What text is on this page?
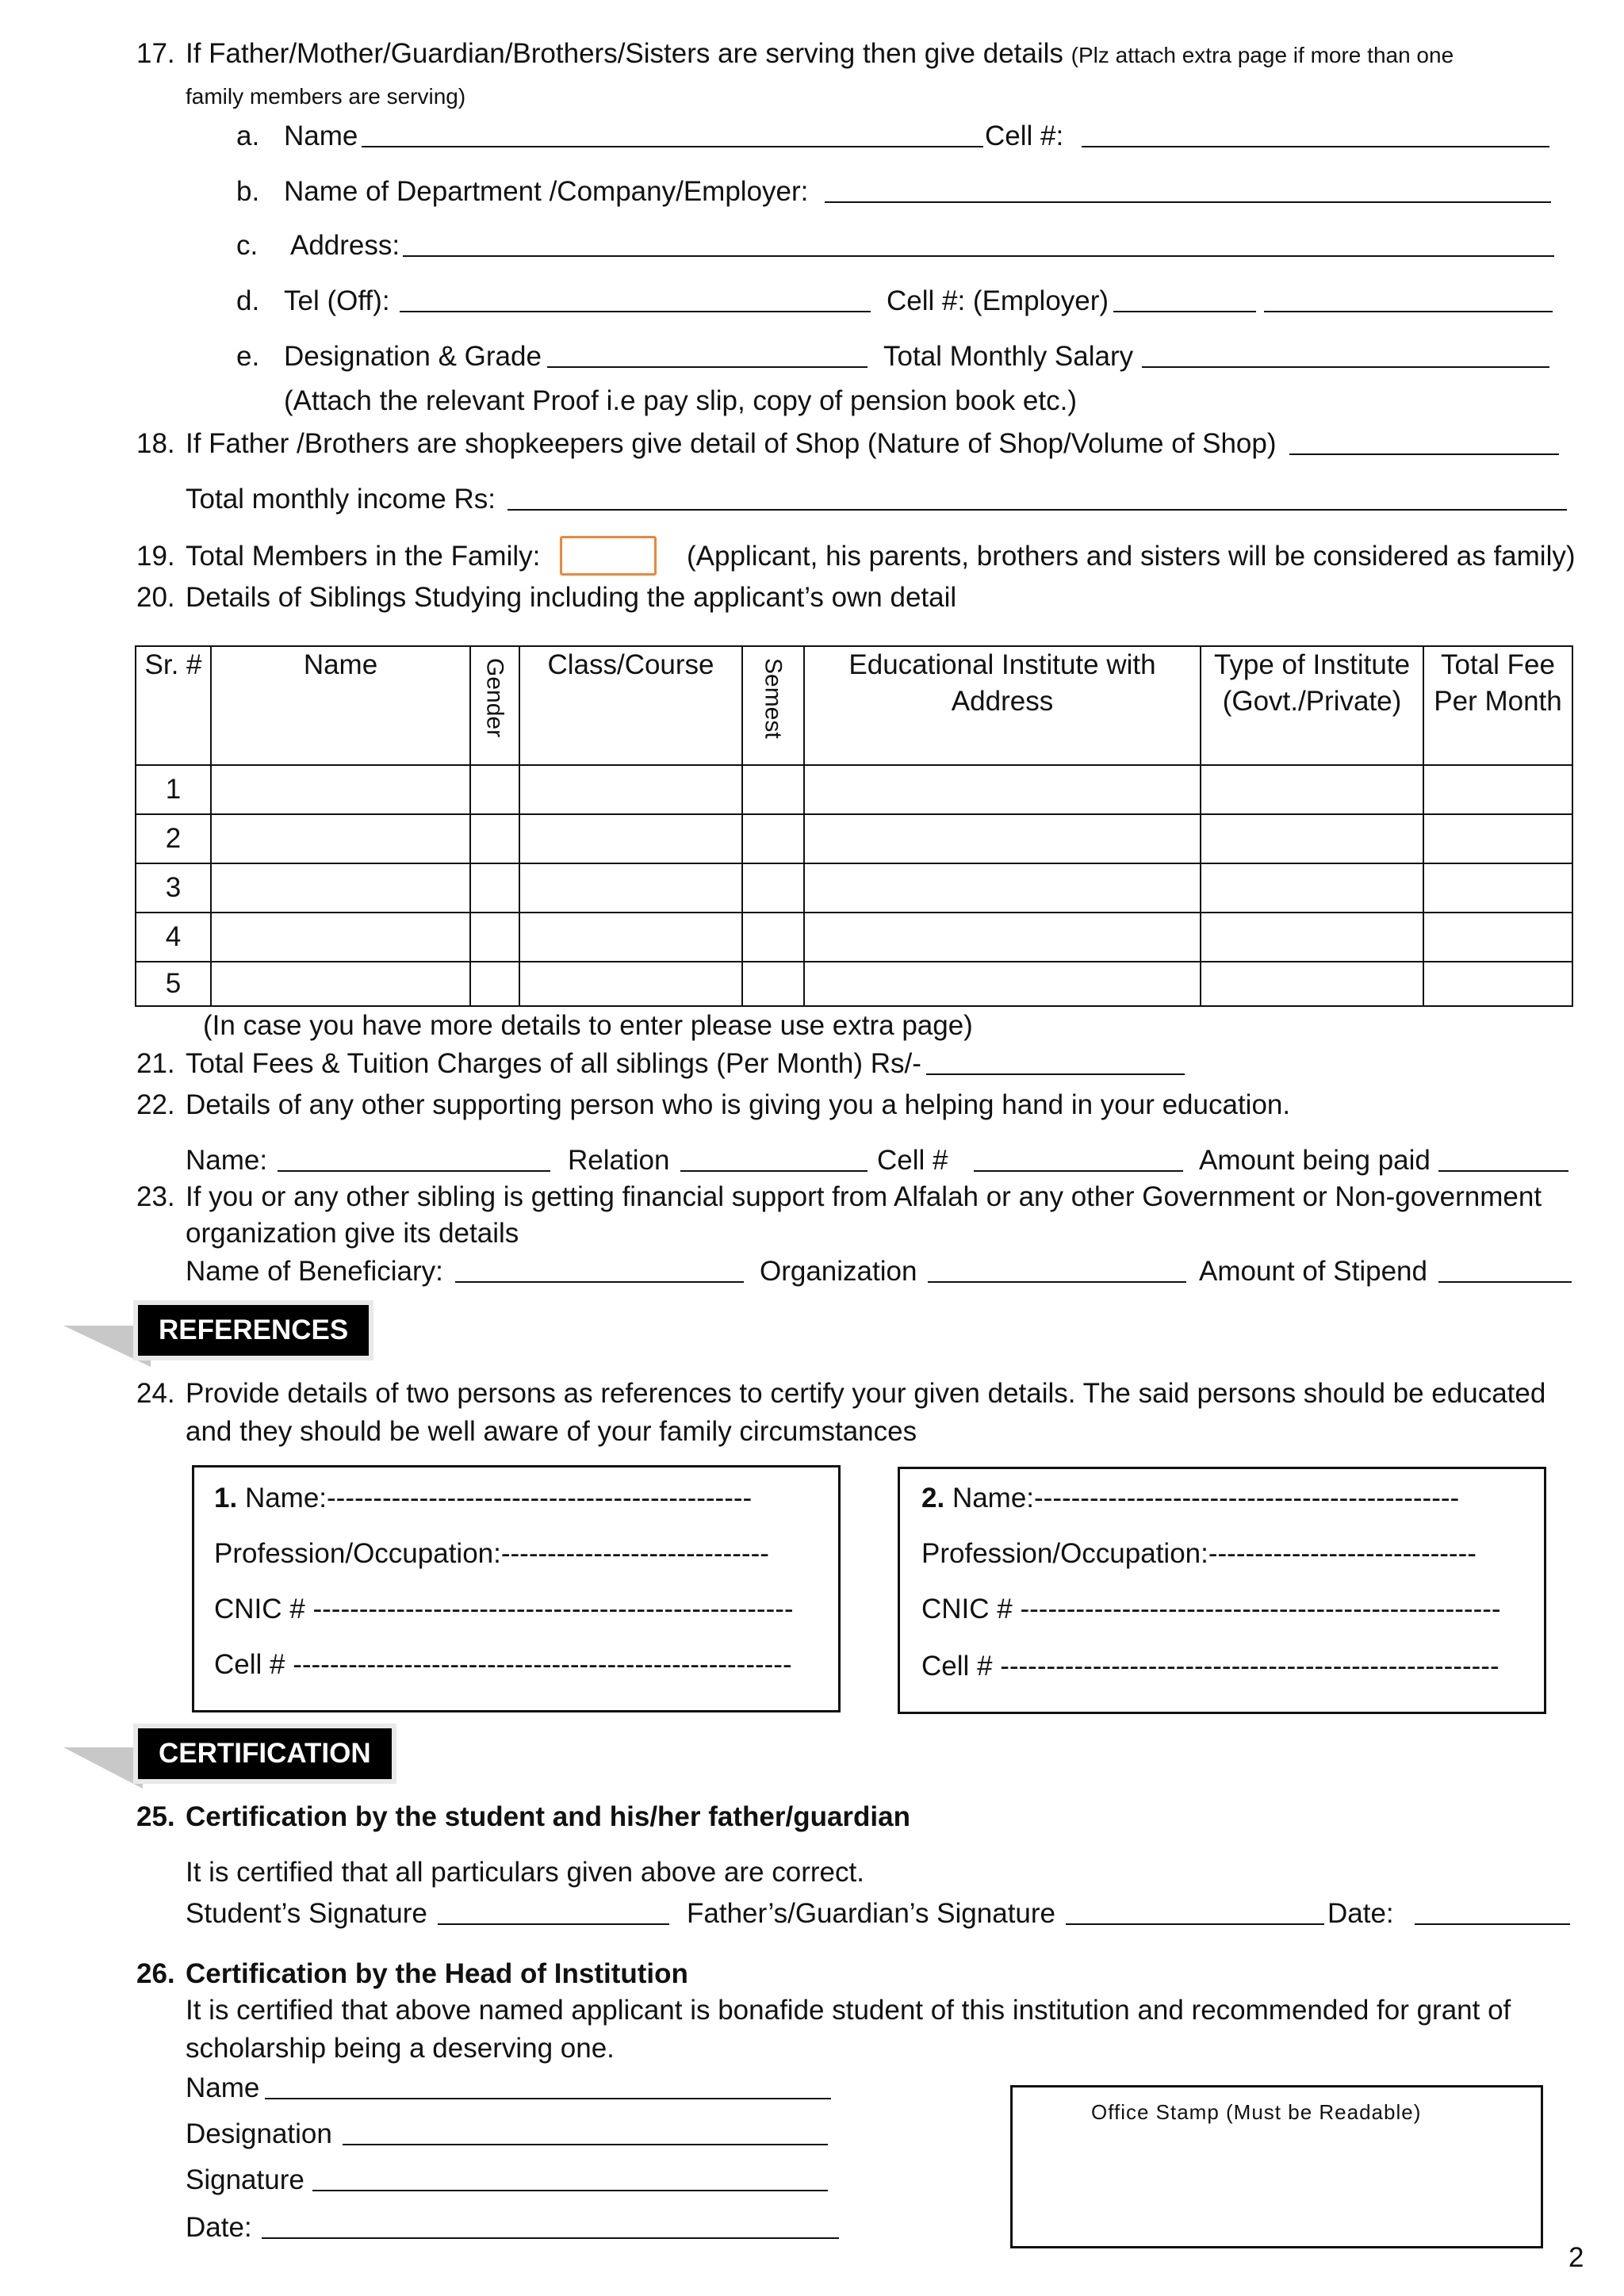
17. If Father/Mother/Guardian/Brothers/Sisters are serving then give details (Plz attach extra page if more than one
family members are serving)
a. Name	Cell #:
b. Name of Department /Company/Employer:
c. Address:
d. Tel (Off):	Cell #: (Employer)
e. Designation & Grade	Total Monthly Salary
(Attach the relevant Proof i.e pay slip, copy of pension book etc.)
18. If Father /Brothers are shopkeepers give detail of Shop (Nature of Shop/Volume of Shop)
Total monthly income Rs:
19. Total Members in the Family:	(Applicant, his parents, brothers and sisters will be considered as family)
20. Details of Siblings Studying including the applicant’s own detail
Sr. #	Name	Gender	Class/Course	Semest	Educational Institute with Address	Type of Institute (Govt./Private)	Total Fee Per Month
1							
2							
3							
4							
5							
(In case you have more details to enter please use extra page)
21. Total Fees & Tuition Charges of all siblings (Per Month) Rs/-
22. Details of any other supporting person who is giving you a helping hand in your education.
Name:	Relation	Cell #	Amount being paid
23. If you or any other sibling is getting financial support from Alfalah or any other Government or Non-government
organization give its details
Name of Beneficiary:	Organization	Amount of Stipend
REFERENCES
24. Provide details of two persons as references to certify your given details. The said persons should be educated
and they should be well aware of your family circumstances
1. Name:----------------------------------------------
Profession/Occupation:-----------------------------
CNIC # ----------------------------------------------------
Cell # ------------------------------------------------------
2. Name:----------------------------------------------
Profession/Occupation:-----------------------------
CNIC # ----------------------------------------------------
Cell # ------------------------------------------------------
CERTIFICATION
25. Certification by the student and his/her father/guardian
It is certified that all particulars given above are correct.
Student’s Signature	Father’s/Guardian’s Signature	Date:
26. Certification by the Head of Institution
It is certified that above named applicant is bonafide student of this institution and recommended for grant of
scholarship being a deserving one.
Name
Designation
Signature
Date:
Office Stamp (Must be Readable)
2
